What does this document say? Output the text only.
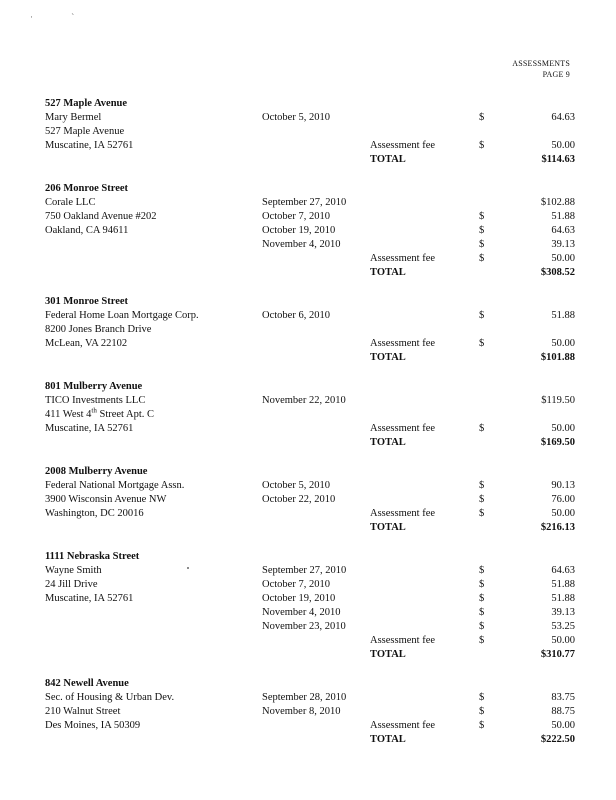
· `
ASSESSMENTS
PAGE 9
527 Maple Avenue
Mary Bermel	October 5, 2010	$	64.63
527 Maple Avenue
Muscatine, IA 52761	Assessment fee	$	50.00
TOTAL	$114.63
206 Monroe Street
Corale LLC	September 27, 2010	$102.88
750 Oakland Avenue #202	October 7, 2010	$	51.88
Oakland, CA 94611	October 19, 2010	$	64.63
November 4, 2010	$	39.13
Assessment fee	$	50.00
TOTAL	$308.52
301 Monroe Street
Federal Home Loan Mortgage Corp.	October 6, 2010	$	51.88
8200 Jones Branch Drive
McLean, VA 22102	Assessment fee	$	50.00
TOTAL	$101.88
801 Mulberry Avenue
TICO Investments LLC	November 22, 2010	$119.50
411 West 4th Street Apt. C
Muscatine, IA 52761	Assessment fee	$	50.00
TOTAL	$169.50
2008 Mulberry Avenue
Federal National Mortgage Assn.	October 5, 2010	$	90.13
3900 Wisconsin Avenue NW	October 22, 2010	$	76.00
Washington, DC 20016	Assessment fee	$	50.00
TOTAL	$216.13
1111 Nebraska Street
Wayne Smith	September 27, 2010	$	64.63
24 Jill Drive	October 7, 2010	$	51.88
Muscatine, IA 52761	October 19, 2010	$	51.88
November 4, 2010	$	39.13
November 23, 2010	$	53.25
Assessment fee	$	50.00
TOTAL	$310.77
842 Newell Avenue
Sec. of Housing & Urban Dev.	September 28, 2010	$	83.75
210 Walnut Street	November 8, 2010	$	88.75
Des Moines, IA 50309	Assessment fee	$	50.00
TOTAL	$222.50
